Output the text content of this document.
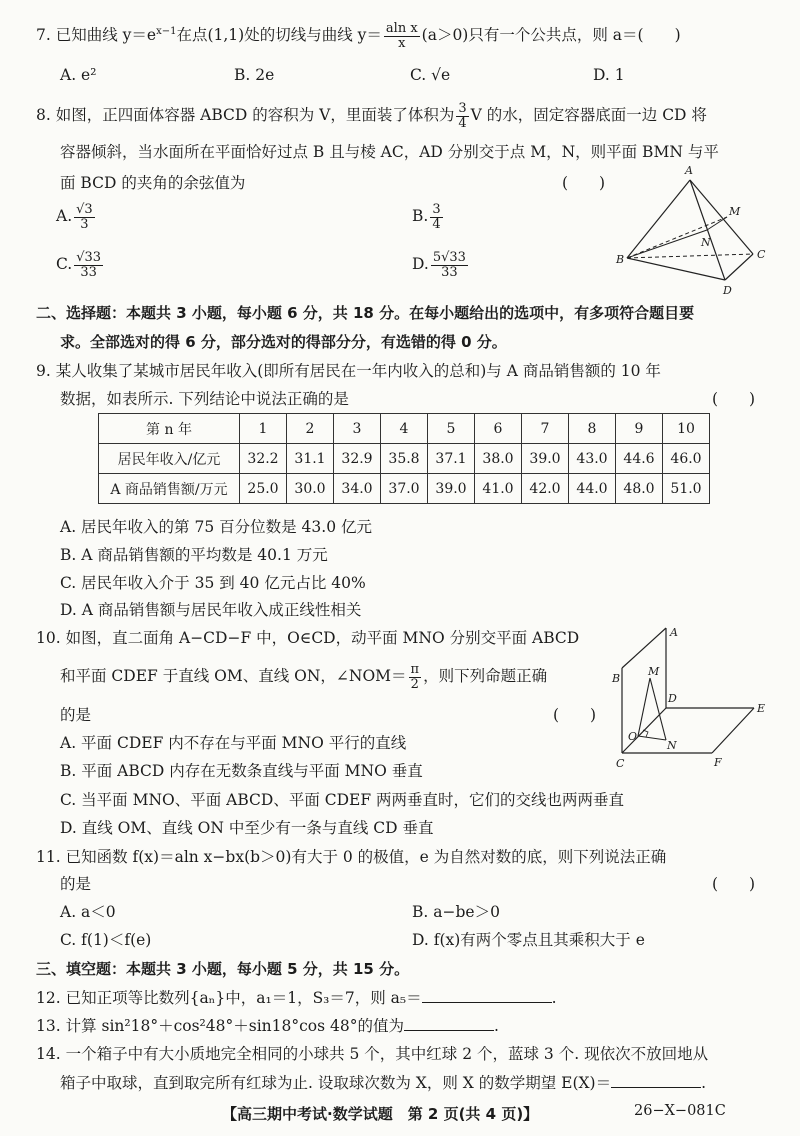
7. 已知曲线 $y=e^{x-1}$在点(1,1)处的切线与曲线 $y= \frac{\text{aln x}}{x} (a>0)$只有一个公共点，则 a＝(　　)
A. e²	B. 2e	C. √e	D. 1
8. 如图，正四面体容器 ABCD 的容积为 V，里面装了体积为 $\frac{3}{4}$ V 的水，固定容器底面一边 CD 将
容器倾斜，当水面所在平面恰好过点 B 且与棱 AC，AD 分别交于点 M，N，则平面 BMN 与平
面 BCD 的夹角的余弦值为	(　　)
A. $\frac{√3}{3}$	B. $\frac{3}{4}$
C. $\frac{√33}{33}$	D. $\frac{5√33}{33}$
A
M
N
B	C
D
二、选择题：本题共 3 小题，每小题 6 分，共 18 分。在每小题给出的选项中，有多项符合题目要
求。全部选对的得 6 分，部分选对的得部分分，有选错的得 0 分。
9. 某人收集了某城市居民年收入(即所有居民在一年内收入的总和)与 A 商品销售额的 10 年
数据，如表所示. 下列结论中说法正确的是	(　　)
第 n 年	1	2	3	4	5	6	7	8	9	10
居民年收入/亿元	32.2	31.1	32.9	35.8	37.1	38.0	39.0	43.0	44.6	46.0
A 商品销售额/万元	25.0	30.0	34.0	37.0	39.0	41.0	42.0	44.0	48.0	51.0
A. 居民年收入的第 75 百分位数是 43.0 亿元
B. A 商品销售额的平均数是 40.1 万元
C. 居民年收入介于 35 到 40 亿元占比 40%
D. A 商品销售额与居民年收入成正线性相关
10. 如图，直二面角 A−CD−F 中，O∈CD，动平面 MNO 分别交平面 ABCD
和平面 CDEF 于直线 OM、直线 ON，∠NOM＝ $\frac{\pi}{2}$ ，则下列命题正确
的是	(　　)
A. 平面 CDEF 内不存在与平面 MNO 平行的直线
B. 平面 ABCD 内存在无数条直线与平面 MNO 垂直
C. 当平面 MNO、平面 ABCD、平面 CDEF 两两垂直时，它们的交线也两两垂直
D. 直线 OM、直线 ON 中至少有一条与直线 CD 垂直
A
M
B
D
E
O
N
C	F
11. 已知函数 f(x)＝aln x−bx(b＞0)有大于 0 的极值，e 为自然对数的底，则下列说法正确
的是	(　　)
A. a＜0	B. a−be＞0
C. f(1)＜f(e)	D. f(x)有两个零点且其乘积大于 e
三、填空题：本题共 3 小题，每小题 5 分，共 15 分。
12. 已知正项等比数列{aₙ}中，a₁＝1，S₃＝7，则 a₅＝	.
13. 计算 sin²18°＋cos²48°＋sin18°cos 48°的值为	.
14. 一个箱子中有大小质地完全相同的小球共 5 个，其中红球 2 个，蓝球 3 个. 现依次不放回地从
箱子中取球，直到取完所有红球为止. 设取球次数为 X，则 X 的数学期望 E(X)＝	.
【高三期中考试·数学试题　第 2 页(共 4 页)】	26−X−081C
